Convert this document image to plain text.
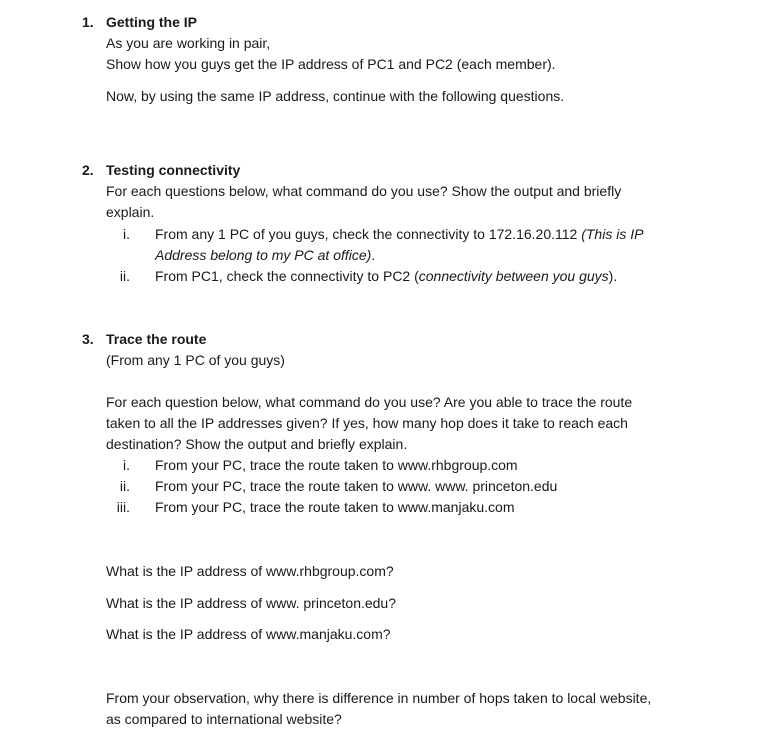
1. Getting the IP
As you are working in pair,
Show how you guys get the IP address of PC1 and PC2 (each member).
Now, by using the same IP address, continue with the following questions.
2. Testing connectivity
For each questions below, what command do you use? Show the output and briefly
explain.
i. From any 1 PC of you guys, check the connectivity to 172.16.20.112 (This is IP
Address belong to my PC at office).
ii. From PC1, check the connectivity to PC2 (connectivity between you guys).
3. Trace the route
(From any 1 PC of you guys)
For each question below, what command do you use? Are you able to trace the route
taken to all the IP addresses given? If yes, how many hop does it take to reach each
destination? Show the output and briefly explain.
i. From your PC, trace the route taken to www.rhbgroup.com
ii. From your PC, trace the route taken to www. www. princeton.edu
iii. From your PC, trace the route taken to www.manjaku.com
What is the IP address of www.rhbgroup.com?
What is the IP address of www. princeton.edu?
What is the IP address of www.manjaku.com?
From your observation, why there is difference in number of hops taken to local website,
as compared to international website?
